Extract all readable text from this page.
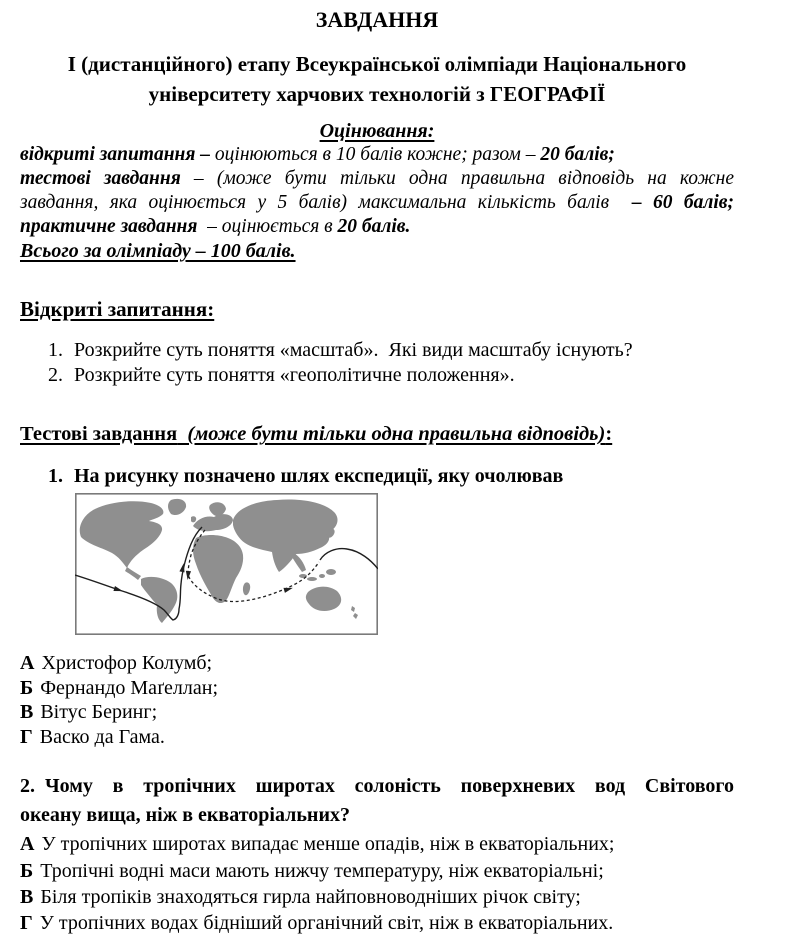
ЗАВДАННЯ

І (дистанційного) етапу Всеукраїнської олімпіади Національного
університету харчових технологій з ГЕОГРАФІЇ

Оцінювання:

відкриті запитання – оцінюються в 10 балів кожне; разом – 20 балів;
тестові завдання – (може бути тільки одна правильна відповідь на кожне
завдання, яка оцінюється у 5 балів) максимальна кількість балів  – 60 балів;
практичне завдання  – оцінюється в 20 балів.

Всього за олімпіаду – 100 балів.

Відкриті запитання:
1. Розкрийте суть поняття «масштаб».  Які види масштабу існують?
2. Розкрийте суть поняття «геополітичне положення».
Тестові завдання  (може бути тільки одна правильна відповідь):
1. На рисунку позначено шлях експедиції, яку очолював
А Христофор Колумб;
Б Фернандо Маґеллан;
В Вітус Беринг;
Г Васко да Гама.
2. Чому в тропічних широтах солоність поверхневих вод Світового
океану вища, ніж в екваторіальних?
А У тропічних широтах випадає менше опадів, ніж в екваторіальних;
Б Тропічні водні маси мають нижчу температуру, ніж екваторіальні;
В Біля тропіків знаходяться гирла найповноводніших річок світу;
Г У тропічних водах бідніший органічний світ, ніж в екваторіальних.
